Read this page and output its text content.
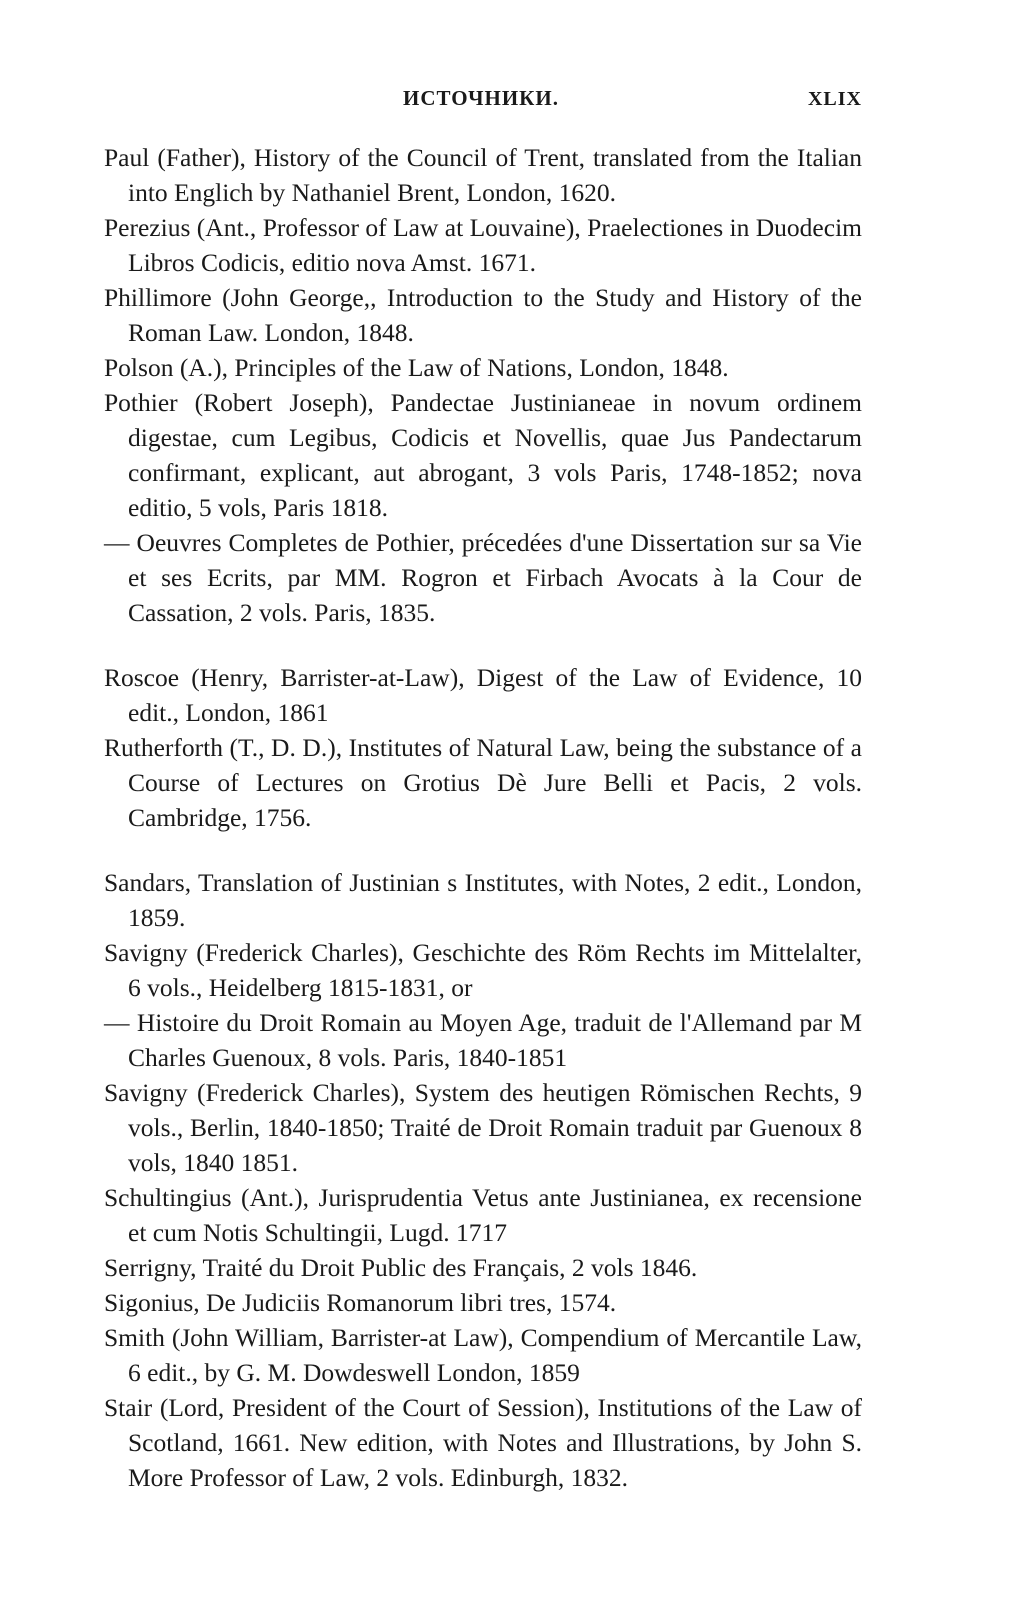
ИСТОЧНИКИ.	XLIX

Paul (Father), History of the Council of Trent, translated from the Italian into Englich by Nathaniel Brent, London, 1620.

Perezius (Ant., Professor of Law at Louvaine), Praelectiones in Duodecim Libros Codicis, editio nova Amst. 1671.

Phillimore (John George,, Introduction to the Study and History of the Roman Law. London, 1848.

Polson (A.), Principles of the Law of Nations, London, 1848.

Pothier (Robert Joseph), Pandectae Justinianeae in novum ordinem digestae, cum Legibus, Codicis et Novellis, quae Jus Pandectarum confirmant, explicant, aut abrogant, 3 vols Paris, 1748-1852; nova editio, 5 vols, Paris 1818.

— Oeuvres Completes de Pothier, précedées d'une Dissertation sur sa Vie et ses Ecrits, par MM. Rogron et Firbach Avocats à la Cour de Cassation, 2 vols. Paris, 1835.

Roscoe (Henry, Barrister-at-Law), Digest of the Law of Evidence, 10 edit., London, 1861

Rutherforth (T., D. D.), Institutes of Natural Law, being the substance of a Course of Lectures on Grotius Dè Jure Belli et Pacis, 2 vols. Cambridge, 1756.

Sandars, Translation of Justinian s Institutes, with Notes, 2 edit., London, 1859.

Savigny (Frederick Charles), Geschichte des Röm Rechts im Mittelalter, 6 vols., Heidelberg 1815-1831, or

— Histoire du Droit Romain au Moyen Age, traduit de l'Allemand par M Charles Guenoux, 8 vols. Paris, 1840-1851

Savigny (Frederick Charles), System des heutigen Römischen Rechts, 9 vols., Berlin, 1840-1850; Traité de Droit Romain traduit par Guenoux 8 vols, 1840 1851.

Schultingius (Ant.), Jurisprudentia Vetus ante Justinianea, ex recensione et cum Notis Schultingii, Lugd. 1717

Serrigny, Traité du Droit Public des Français, 2 vols 1846.

Sigonius, De Judiciis Romanorum libri tres, 1574.

Smith (John William, Barrister-at Law), Compendium of Mercantile Law, 6 edit., by G. M. Dowdeswell London, 1859

Stair (Lord, President of the Court of Session), Institutions of the Law of Scotland, 1661. New edition, with Notes and Illustrations, by John S. More Professor of Law, 2 vols. Edinburgh, 1832.
